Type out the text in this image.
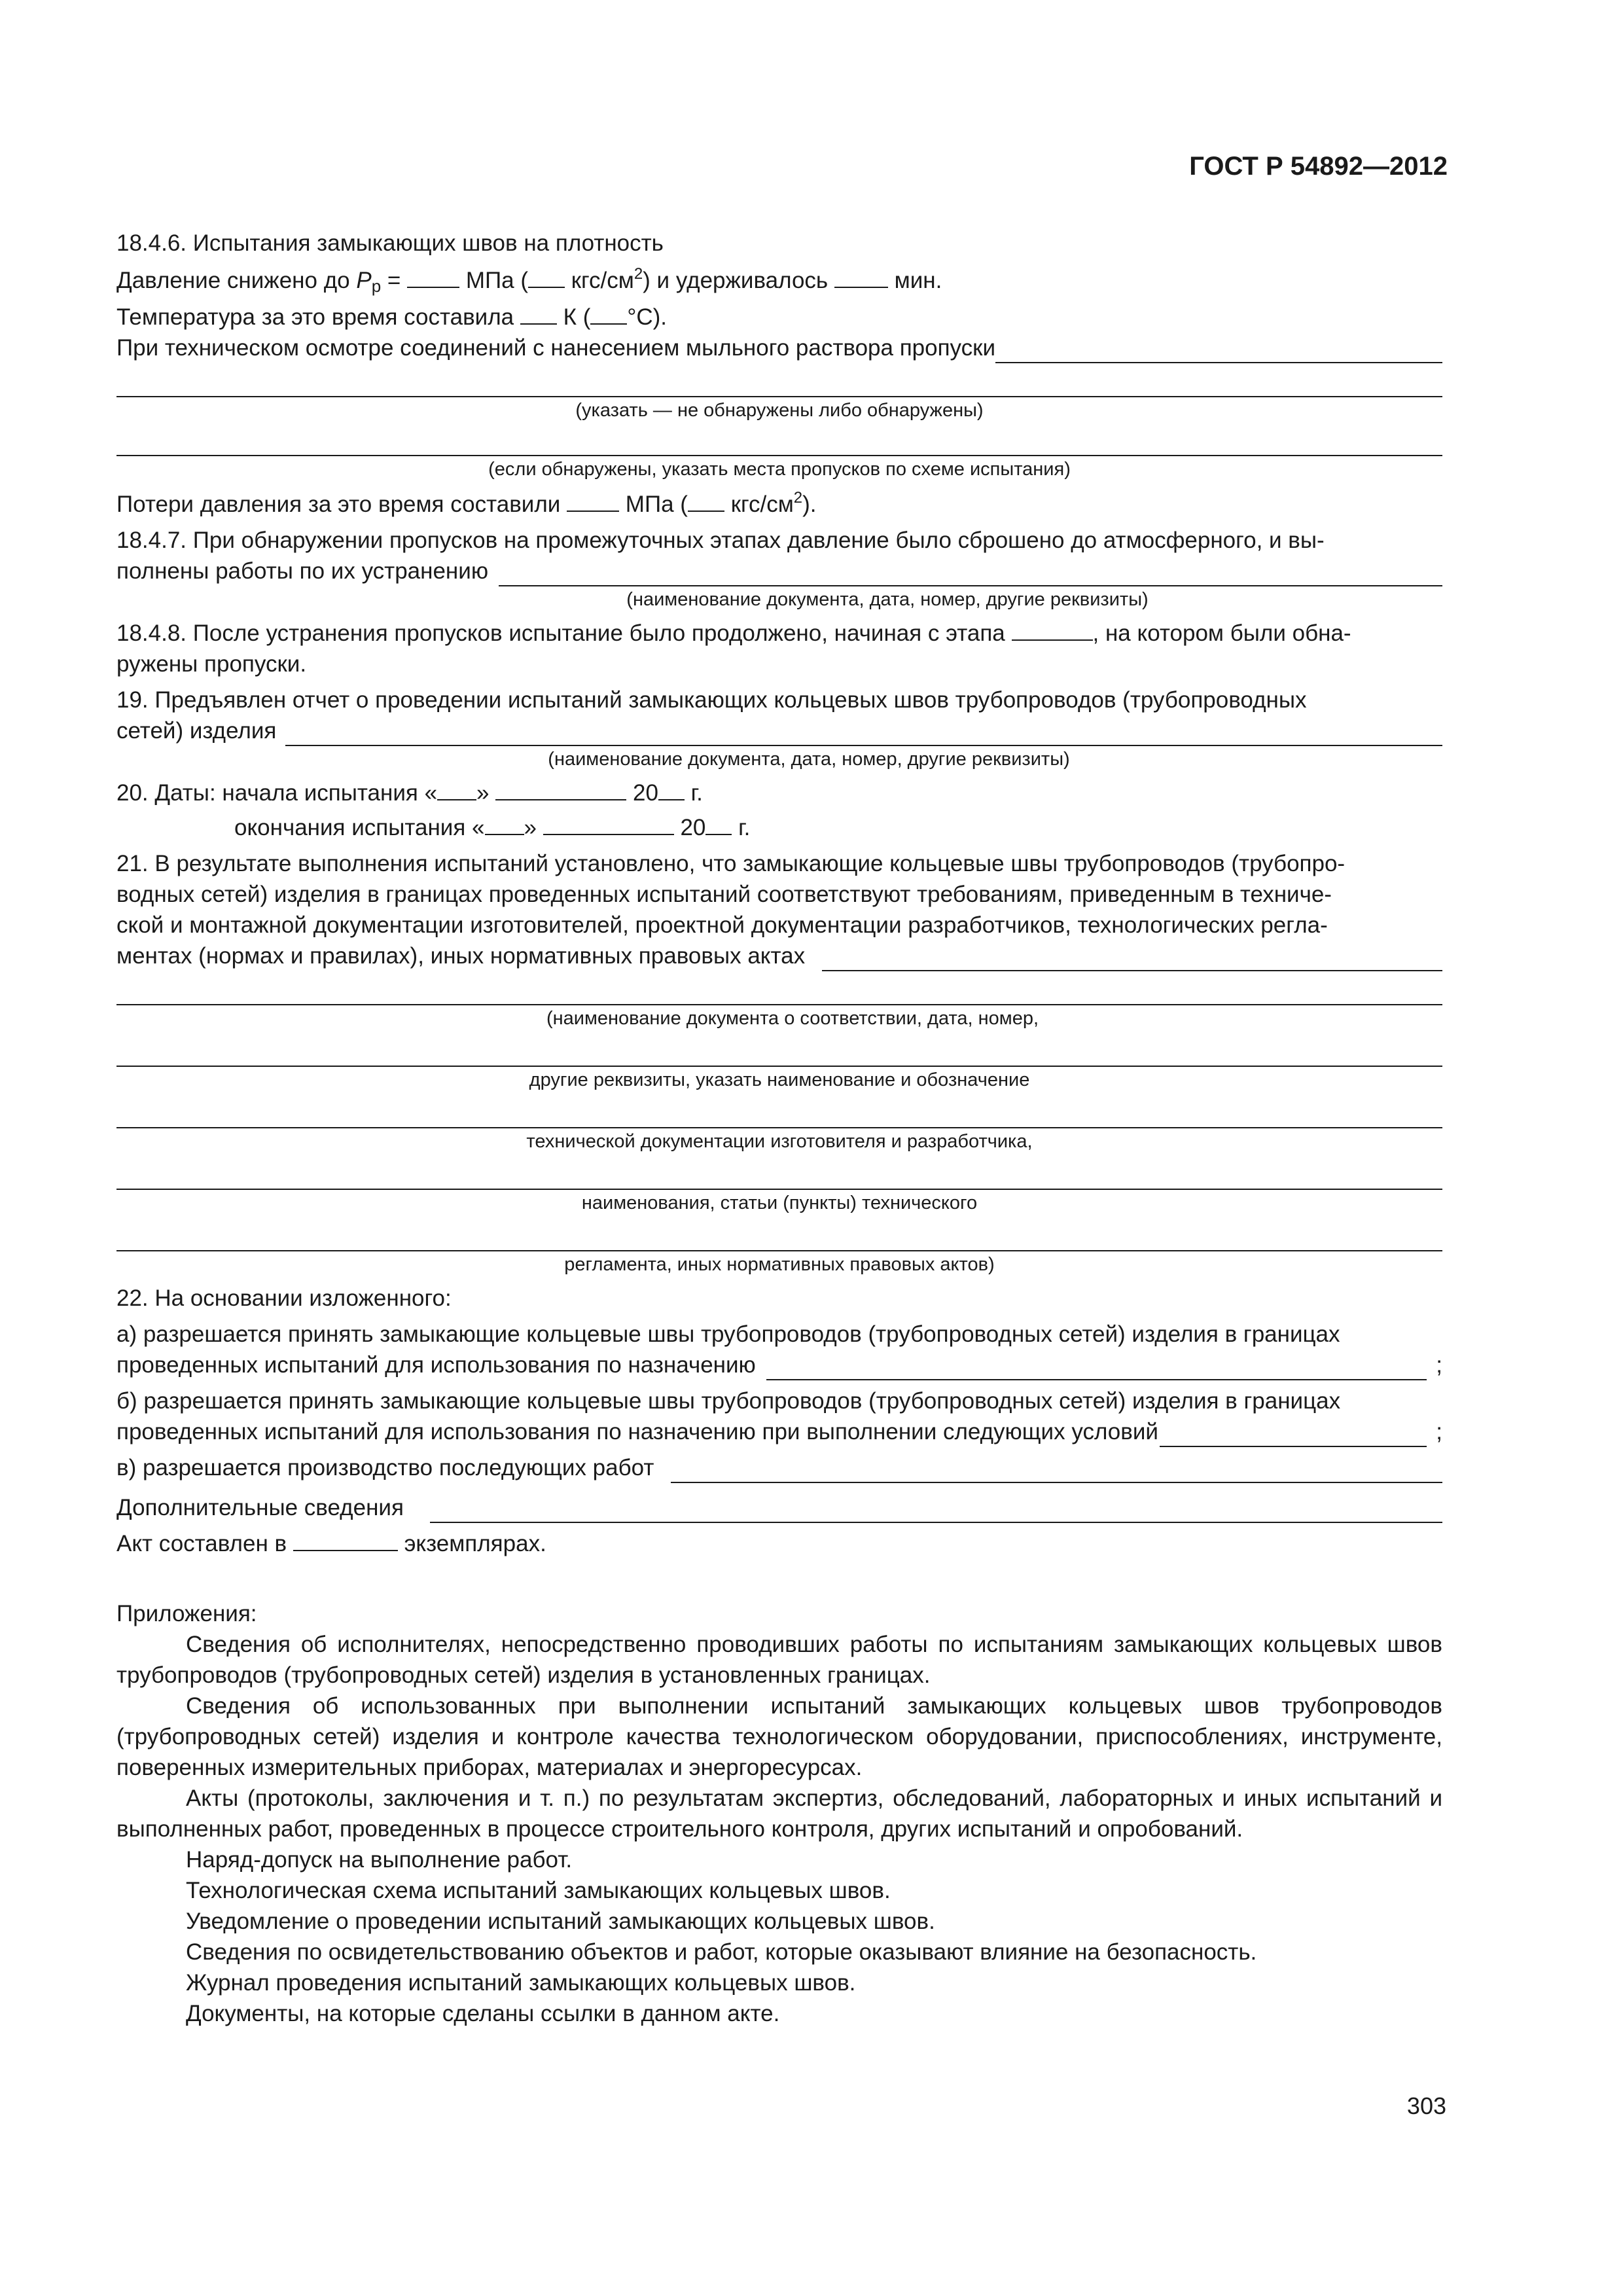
ГОСТ Р 54892—2012

18.4.6. Испытания замыкающих швов на плотность

Давление снижено до $P_р$ =	МПа ( кгс/$см^2$) и удерживалось	мин.

Температура за это время составила К ( °С).

При техническом осмотре соединений с нанесением мыльного раствора пропуски
(указать — не обнаружены либо обнаружены)
(если обнаружены, указать места пропусков по схеме испытания)

Потери давления за это время составили	МПа ( кгс/$см^2$).

18.4.7. При обнаружении пропусков на промежуточных этапах давление было сброшено до атмосферного, и вы-

полнены работы по их устранению
(наименование документа, дата, номер, другие реквизиты)

18.4.8. После устранения пропусков испытание было продолжено, начиная с этапа	, на котором были обна-

ружены пропуски.

19. Предъявлен отчет о проведении испытаний замыкающих кольцевых швов трубопроводов (трубопроводных

сетей) изделия
(наименование документа, дата, номер, другие реквизиты)

20. Даты: начала испытания « »	20 г.

окончания испытания « »	20 г.

21. В результате выполнения испытаний установлено, что замыкающие кольцевые швы трубопроводов (трубопро-

водных сетей) изделия в границах проведенных испытаний соответствуют требованиям, приведенным в техниче-

ской и монтажной документации изготовителей, проектной документации разработчиков, технологических регла-

ментах (нормах и правилах), иных нормативных правовых актах
(наименование документа о соответствии, дата, номер,
другие реквизиты, указать наименование и обозначение
технической документации изготовителя и разработчика,
наименования, статьи (пункты) технического
регламента, иных нормативных правовых актов)

22. На основании изложенного:

а) разрешается принять замыкающие кольцевые швы трубопроводов (трубопроводных сетей) изделия в границах

проведенных испытаний для использования по назначению	;

б) разрешается принять замыкающие кольцевые швы трубопроводов (трубопроводных сетей) изделия в границах

проведенных испытаний для использования по назначению при выполнении следующих условий	;
в) разрешается производство последующих работ
Дополнительные сведения

Акт составлен в	экземплярах.

Приложения:

Сведения об исполнителях, непосредственно проводивших работы по испытаниям замыкающих кольцевых швов трубопроводов (трубопроводных сетей) изделия в установленных границах.

Сведения об использованных при выполнении испытаний замыкающих кольцевых швов трубопроводов (трубопроводных сетей) изделия и контроле качества технологическом оборудовании, приспособлениях, инструменте, поверенных измерительных приборах, материалах и энергоресурсах.

Акты (протоколы, заключения и т. п.) по результатам экспертиз, обследований, лабораторных и иных испытаний и выполненных работ, проведенных в процессе строительного контроля, других испытаний и опробований.

Наряд-допуск на выполнение работ.

Технологическая схема испытаний замыкающих кольцевых швов.

Уведомление о проведении испытаний замыкающих кольцевых швов.

Сведения по освидетельствованию объектов и работ, которые оказывают влияние на безопасность.

Журнал проведения испытаний замыкающих кольцевых швов.

Документы, на которые сделаны ссылки в данном акте.

303
